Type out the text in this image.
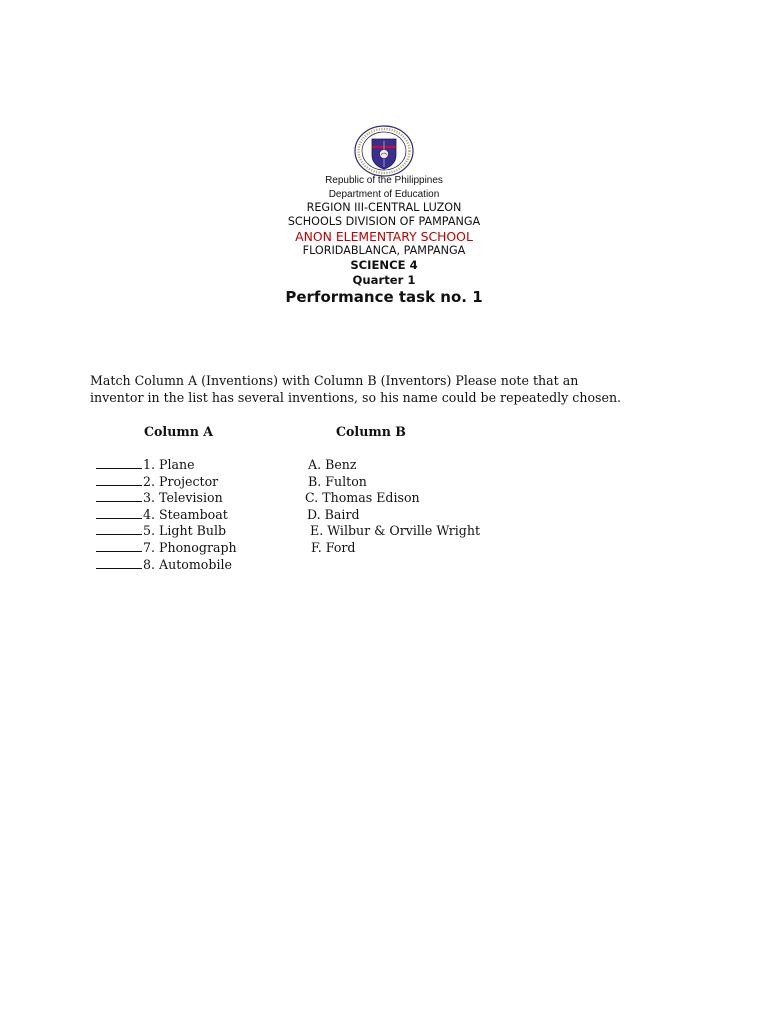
Republic of the Philippines
Department of Education
REGION III-CENTRAL LUZON
SCHOOLS DIVISION OF PAMPANGA
ANON ELEMENTARY SCHOOL
FLORIDABLANCA, PAMPANGA
SCIENCE 4
Quarter 1
Performance task no. 1
Match Column A (Inventions) with Column B (Inventors) Please note that an
inventor in the list has several inventions, so his name could be repeatedly chosen.
Column A	Column B
1. Plane
2. Projector
3. Television
4. Steamboat
5. Light Bulb
7. Phonograph
8. Automobile
A. Benz
B. Fulton
C. Thomas Edison
D. Baird
E. Wilbur & Orville Wright
F. Ford
